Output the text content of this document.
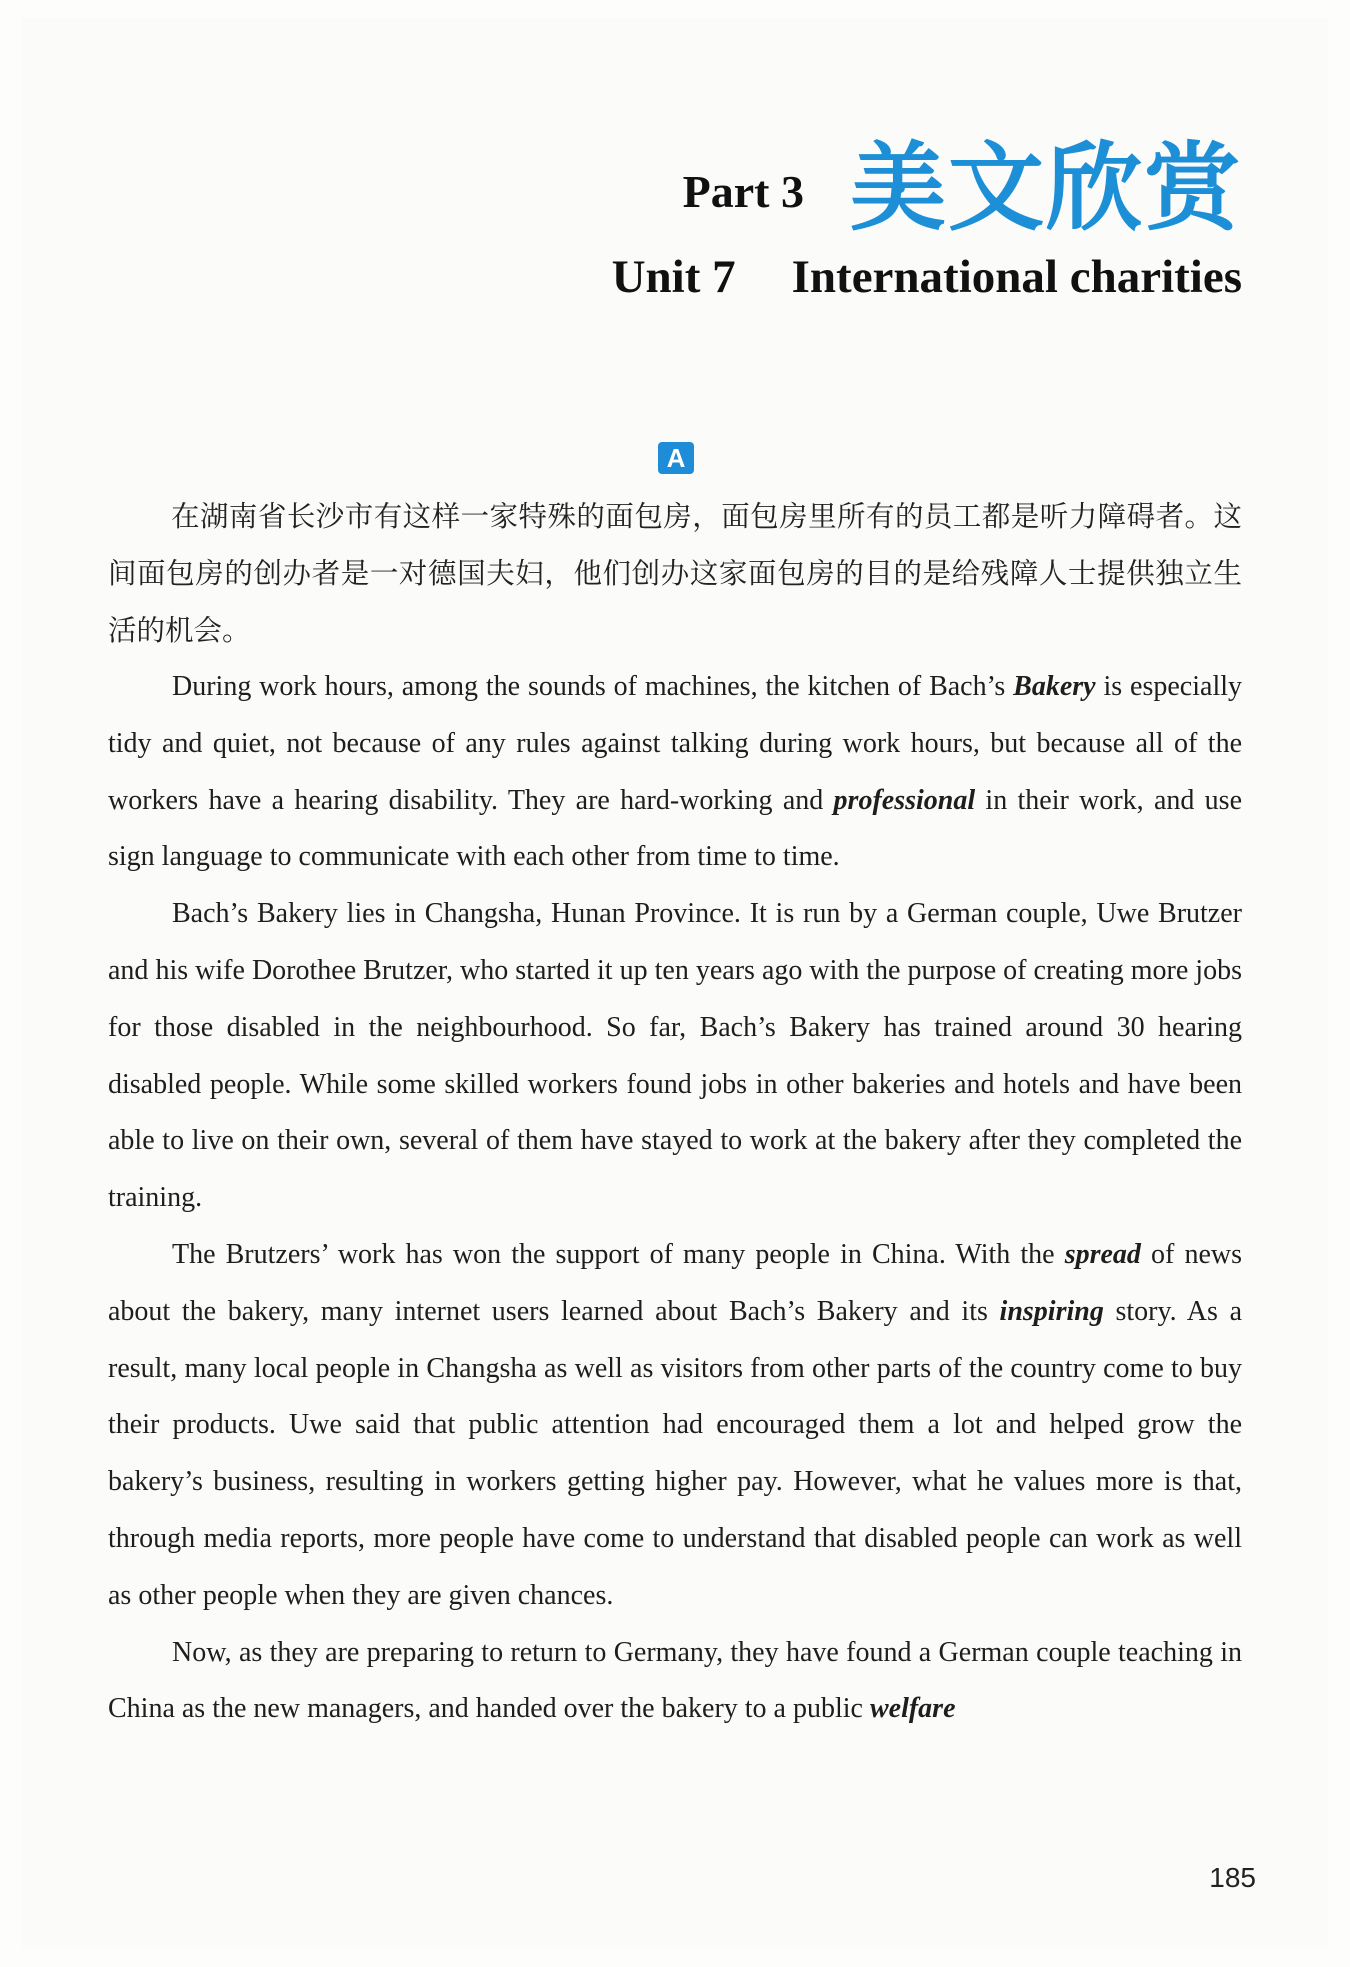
Part 3 美文欣赏
Unit 7 International charities
A

在湖南省长沙市有这样一家特殊的面包房，面包房里所有的员工都是听力障碍者。这间面包房的创办者是一对德国夫妇，他们创办这家面包房的目的是给残障人士提供独立生活的机会。

During work hours, among the sounds of machines, the kitchen of Bach’s Bakery is especially tidy and quiet, not because of any rules against talking during work hours, but because all of the workers have a hearing disability. They are hard-working and professional in their work, and use sign language to communicate with each other from time to time.

Bach’s Bakery lies in Changsha, Hunan Province. It is run by a German couple, Uwe Brutzer and his wife Dorothee Brutzer, who started it up ten years ago with the purpose of creating more jobs for those disabled in the neighbourhood. So far, Bach’s Bakery has trained around 30 hearing disabled people. While some skilled workers found jobs in other bakeries and hotels and have been able to live on their own, several of them have stayed to work at the bakery after they completed the training.

The Brutzers’ work has won the support of many people in China. With the spread of news about the bakery, many internet users learned about Bach’s Bakery and its inspiring story. As a result, many local people in Changsha as well as visitors from other parts of the country come to buy their products. Uwe said that public attention had encouraged them a lot and helped grow the bakery’s business, resulting in workers getting higher pay. However, what he values more is that, through media reports, more people have come to understand that disabled people can work as well as other people when they are given chances.

Now, as they are preparing to return to Germany, they have found a German couple teaching in China as the new managers, and handed over the bakery to a public welfare

185
